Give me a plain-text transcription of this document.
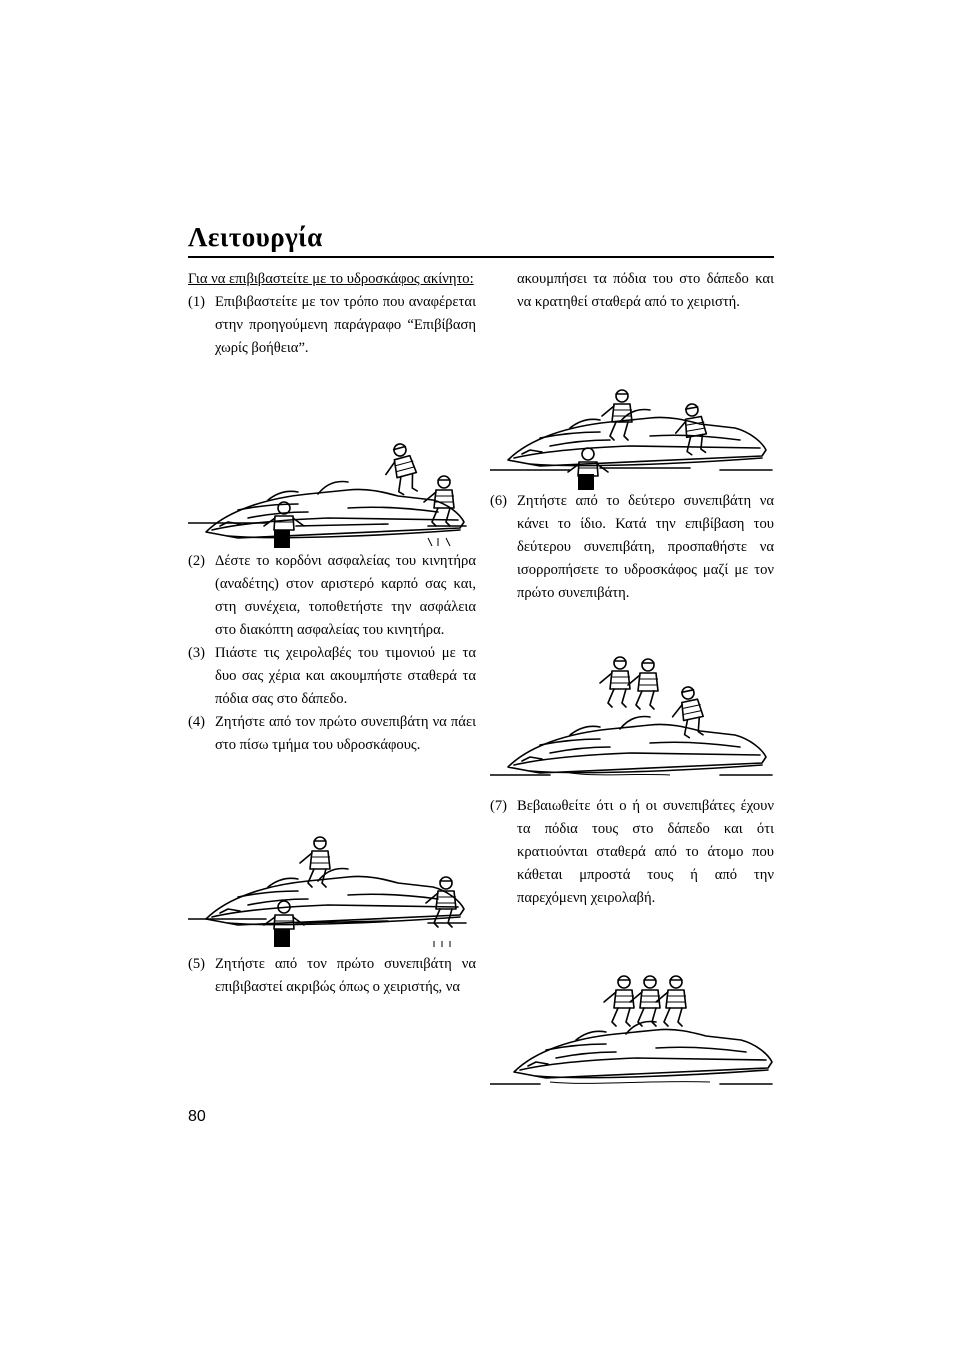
Λειτουργία

Για να επιβιβαστείτε με το υδροσκάφος ακίνητο:

(1) Επιβιβαστείτε με τον τρόπο που αναφέρεται στην προηγούμενη παράγραφο “Επιβίβαση χωρίς βοήθεια”.
(2) Δέστε το κορδόνι ασφαλείας του κινητήρα (αναδέτης) στον αριστερό καρπό σας και, στη συνέχεια, τοποθετήστε την ασφάλεια στο διακόπτη ασφαλείας του κινητήρα.
(3) Πιάστε τις χειρολαβές του τιμονιού με τα δυο σας χέρια και ακουμπήστε σταθερά τα πόδια σας στο δάπεδο.
(4) Ζητήστε από τον πρώτο συνεπιβάτη να πάει στο πίσω τμήμα του υδροσκάφους.
(5) Ζητήστε από τον πρώτο συνεπιβάτη να επιβιβαστεί ακριβώς όπως ο χειριστής, να
ακουμπήσει τα πόδια του στο δάπεδο και να κρατηθεί σταθερά από το χειριστή.
(6) Ζητήστε από το δεύτερο συνεπιβάτη να κάνει το ίδιο. Κατά την επιβίβαση του δεύτερου συνεπιβάτη, προσπαθήστε να ισορροπήσετε το υδροσκάφος μαζί με τον πρώτο συνεπιβάτη.
(7) Βεβαιωθείτε ότι ο ή οι συνεπιβάτες έχουν τα πόδια τους στο δάπεδο και ότι κρατιούνται σταθερά από το άτομο που κάθεται μπροστά τους ή από την παρεχόμενη χειρολαβή.
80
